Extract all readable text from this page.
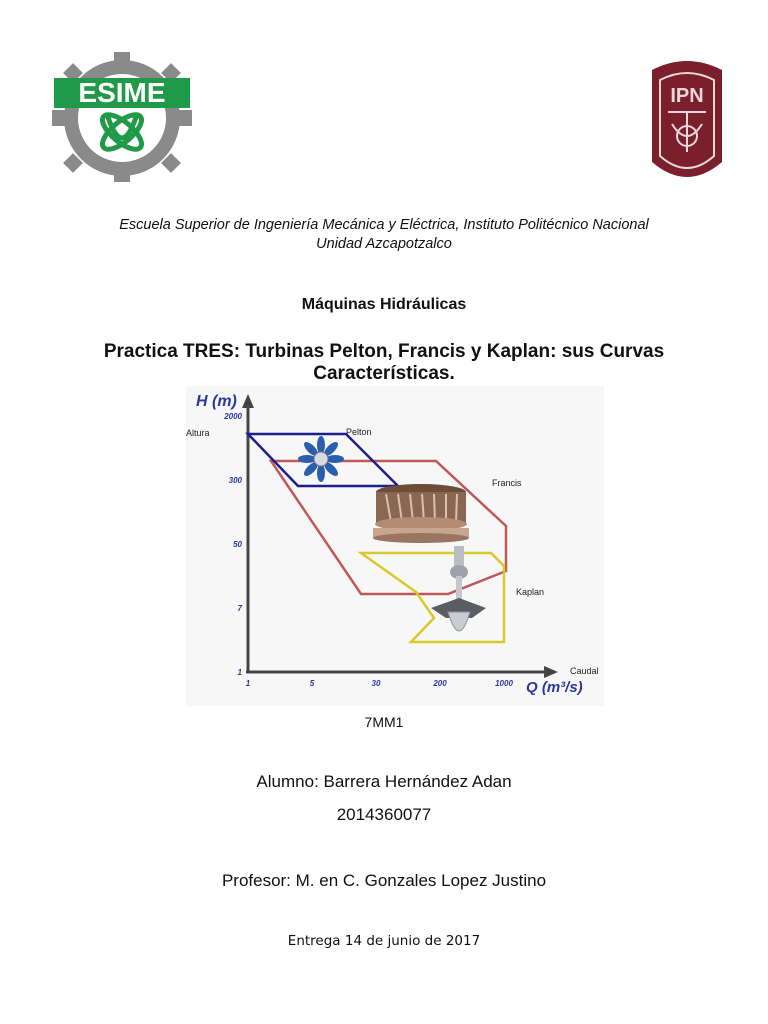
ESIME	IPN
Escuela Superior de Ingeniería Mecánica y Eléctrica, Instituto Politécnico Nacional
Unidad Azcapotzalco
Máquinas Hidráulicas
Practica TRES: Turbinas Pelton, Francis y Kaplan: sus Curvas
Características.
H (m)
Altura
Caudal
Q (m³/s)
Pelton
Francis
Kaplan
2000
300
50
7
1
1	5	30	200	1000
7MM1
Alumno: Barrera Hernández Adan
2014360077
Profesor: M. en C. Gonzales Lopez Justino
Entrega 14 de junio de 2017
